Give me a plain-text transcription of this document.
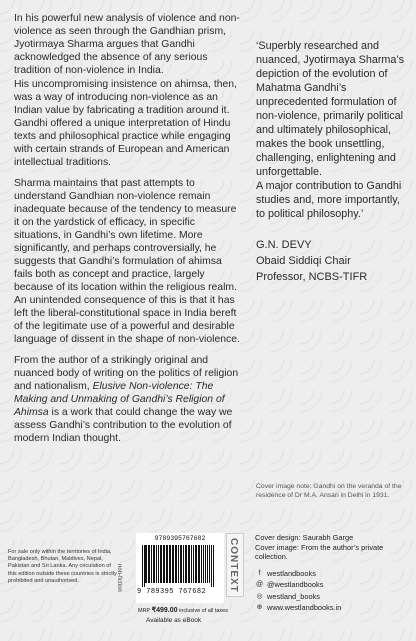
In his powerful new analysis of violence and non-violence as seen through the Gandhian prism, Jyotirmaya Sharma argues that Gandhi acknowledged the absence of any serious tradition of non-violence in India.

His uncompromising insistence on ahimsa, then, was a way of introducing non-violence as an Indian value by fabricating a tradition around it. Gandhi offered a unique interpretation of Hindu texts and philosophical practice while engaging with certain strands of European and American intellectual traditions.

Sharma maintains that past attempts to understand Gandhian non-violence remain inadequate because of the tendency to measure it on the yardstick of efficacy, in specific situations, in Gandhi’s own lifetime. More significantly, and perhaps controversially, he suggests that Gandhi’s formulation of ahimsa fails both as concept and practice, largely because of its location within the religious realm. An unintended consequence of this is that it has left the liberal-constitutional space in India bereft of the legitimate use of a powerful and desirable language of dissent in the shape of non-violence.

From the author of a strikingly original and nuanced body of writing on the politics of religion and nationalism, Elusive Non-violence: The Making and Unmaking of Gandhi’s Religion of Ahimsa is a work that could change the way we assess Gandhi’s contribution to the evolution of modern Indian thought.

‘Superbly researched and nuanced, Jyotirmaya Sharma’s depiction of the evolution of Mahatma Gandhi’s unprecedented formulation of non-violence, primarily political and ultimately philosophical, makes the book unsettling, challenging, enlightening and unforgettable.

A major contribution to Gandhi studies and, more importantly, to political philosophy.’

G.N. DEVY
Obaid Siddiqi Chair
Professor, NCBS-TIFR
Cover image note: Gandhi on the veranda of the residence of Dr M.A. Ansari in Delhi in 1931.
For sale only within the territories of India, Bangladesh, Bhutan, Maldives, Nepal, Pakistan and Sri Lanka. Any circulation of this edition outside these countries is strictly prohibited and unauthorised.	non-fiction
9789395767682
9 789395 767682
MRP ₹499.00 inclusive of all taxes
Available as eBook
CONTEXT
Cover design: Saurabh Garge
Cover image: From the author’s private collection.
f westlandbooks
@ @westlandbooks
◎ westland_books
⊕ www.westlandbooks.in
